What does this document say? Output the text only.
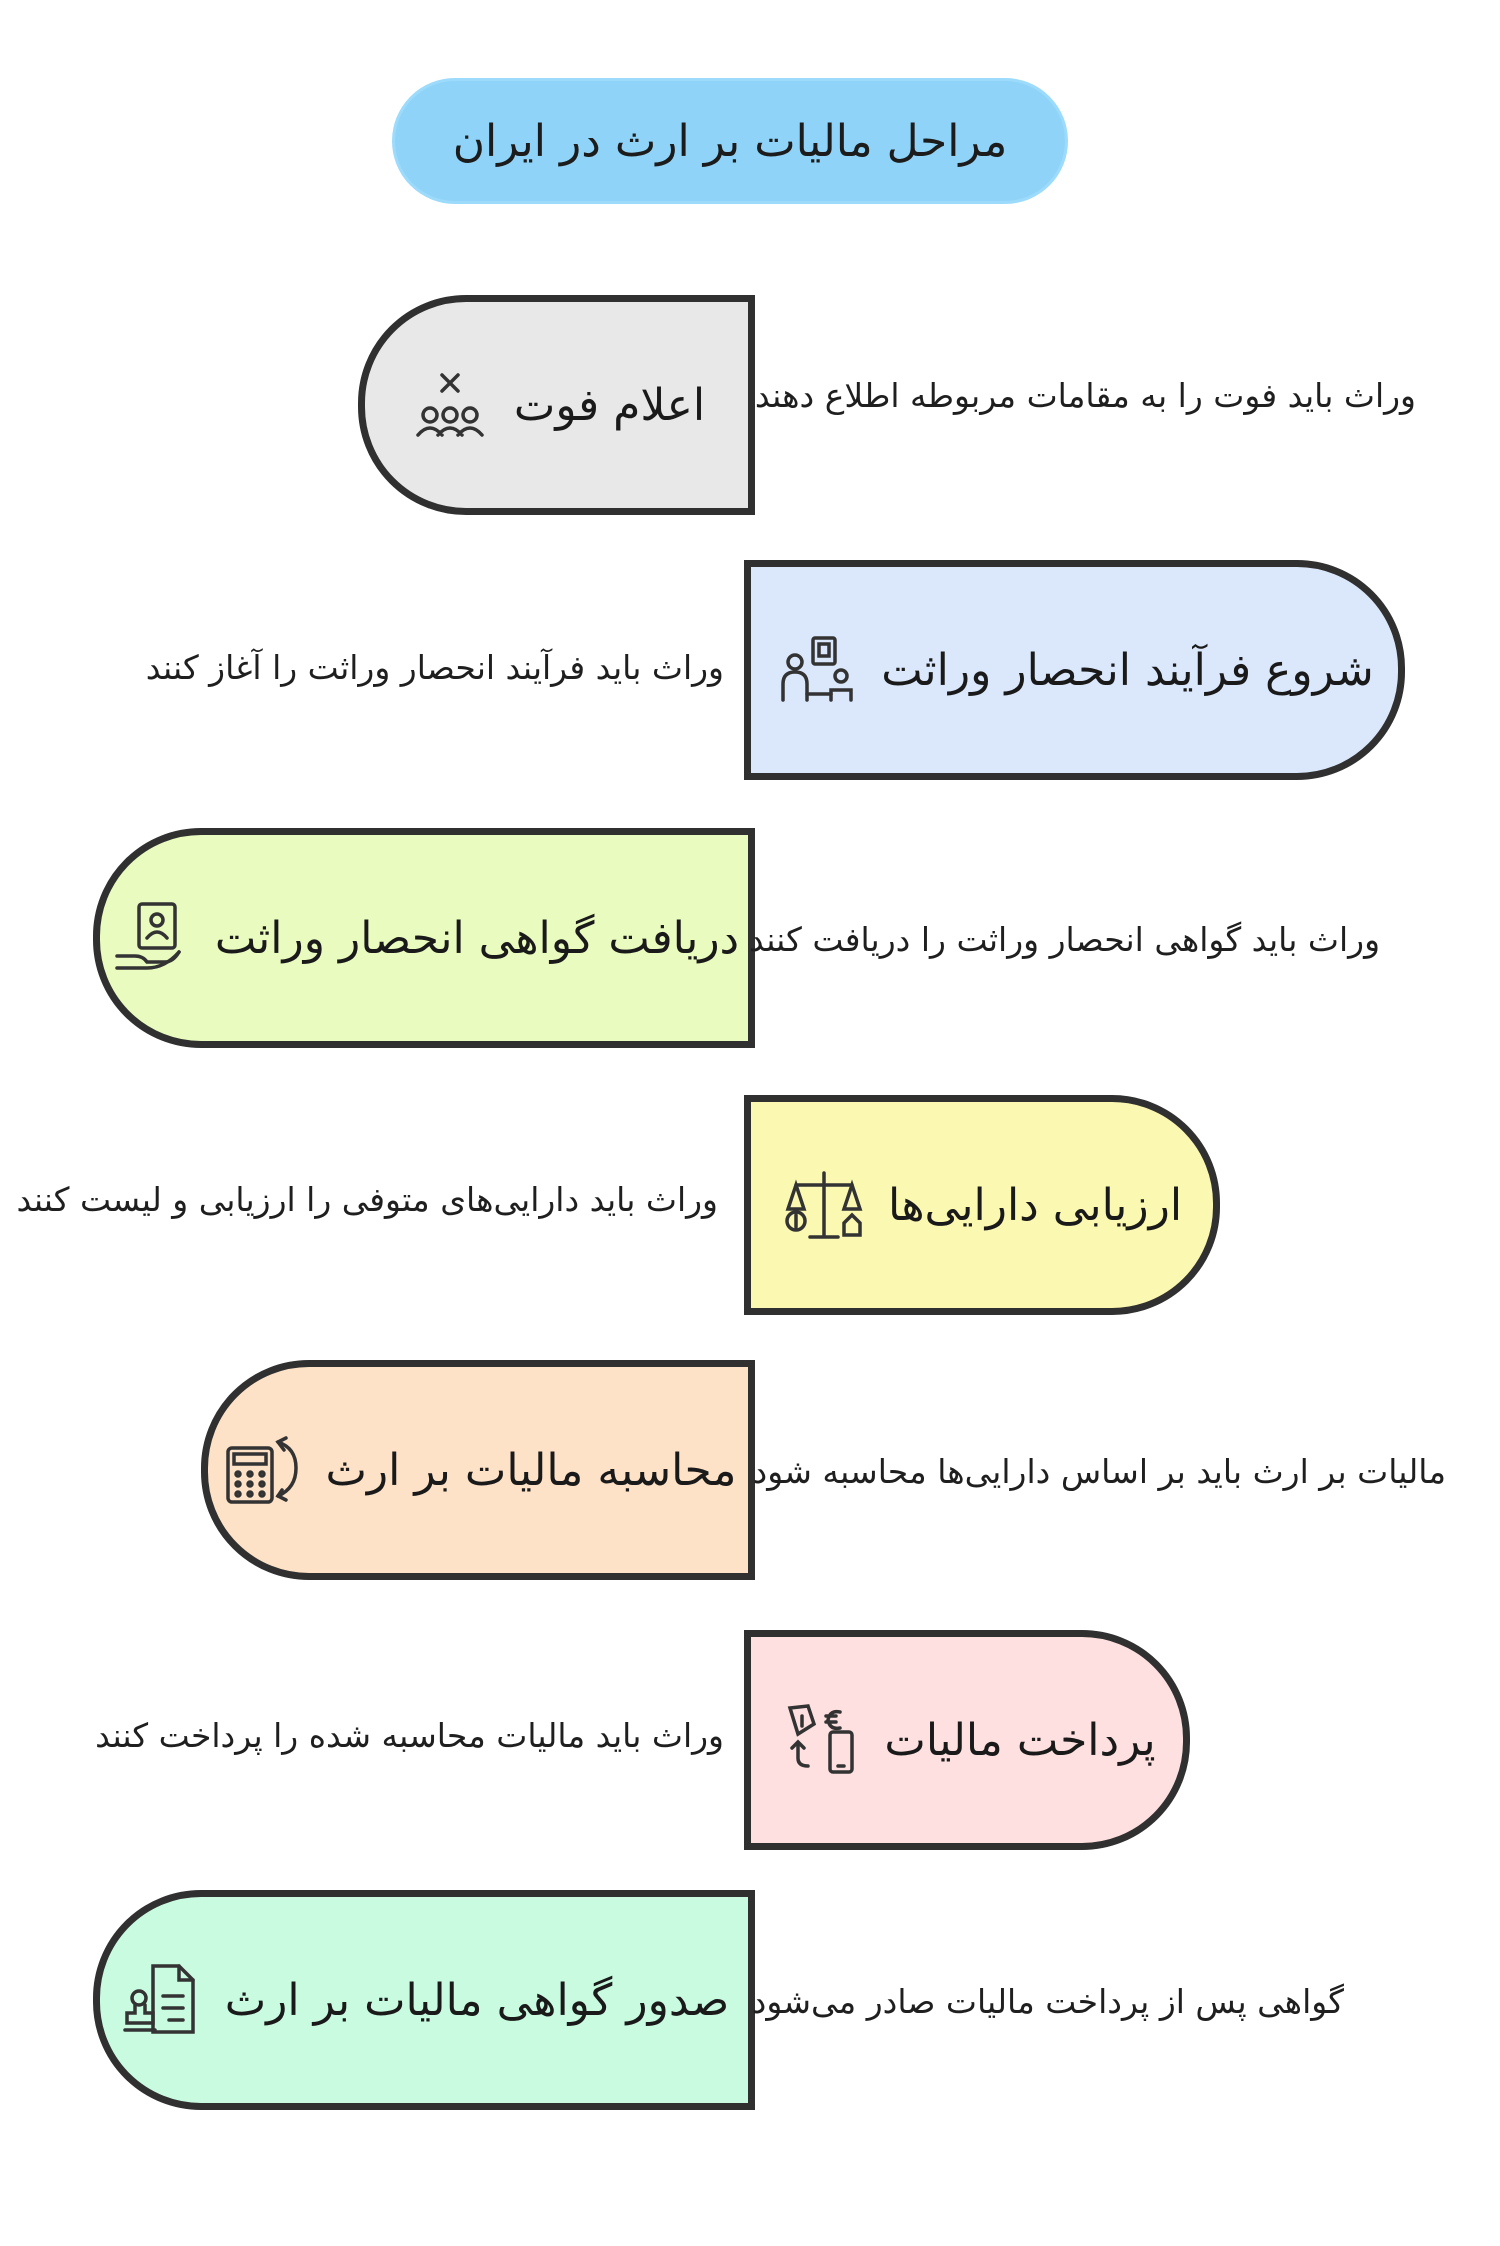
مراحل مالیات بر ارث در ایران
اعلام فوت وراث باید فوت را به مقامات مربوطه اطلاع دهند
شروع فرآیند انحصار وراثت
وراث باید فرآیند انحصار وراثت را آغاز کنند
دریافت گواهی انحصار وراثت وراث باید گواهی انحصار وراثت را دریافت کنند
ارزیابی دارایی‌ها
وراث باید دارایی‌های متوفی را ارزیابی و لیست کنند
محاسبه مالیات بر ارث مالیات بر ارث باید بر اساس دارایی‌ها محاسبه شود
پرداخت مالیات
وراث باید مالیات محاسبه شده را پرداخت کنند
صدور گواهی مالیات بر ارث گواهی پس از پرداخت مالیات صادر می‌شود
